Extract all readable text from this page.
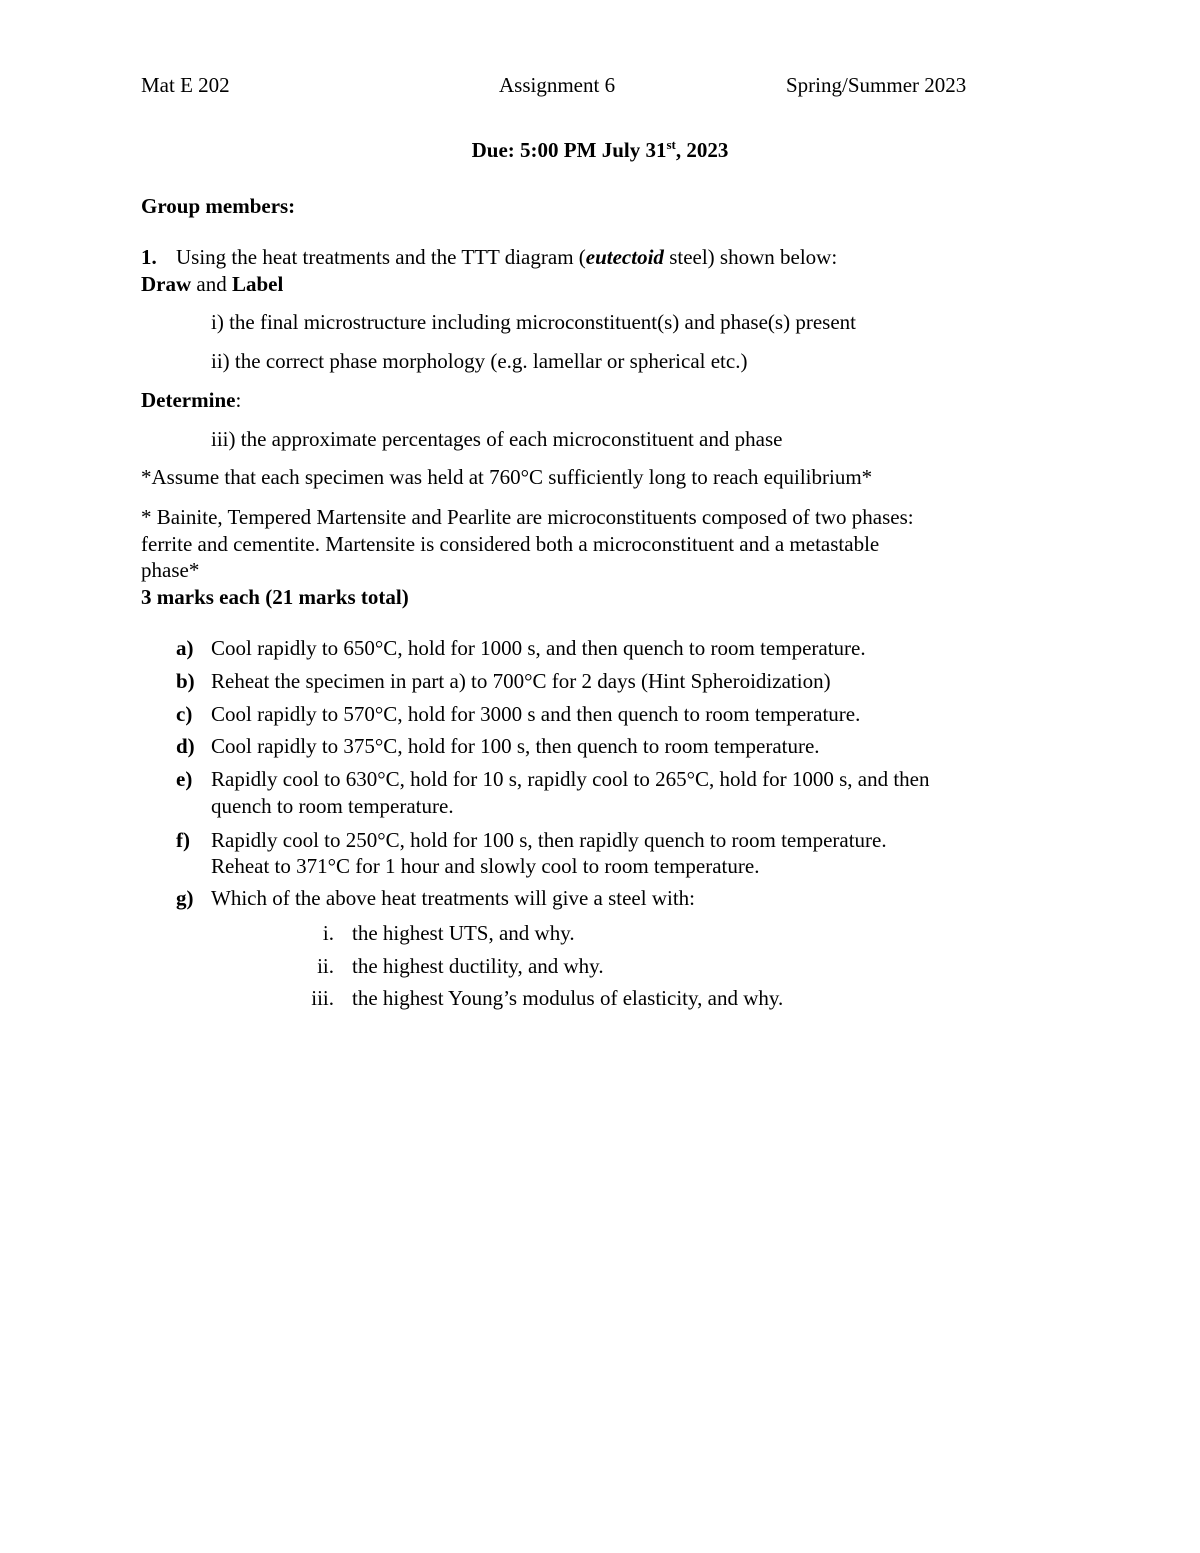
Mat E 202	Assignment 6	Spring/Summer 2023
Due: 5:00 PM July 31st, 2023
Group members:
1. Using the heat treatments and the TTT diagram (eutectoid steel) shown below:
Draw and Label
i) the final microstructure including microconstituent(s) and phase(s) present
ii) the correct phase morphology (e.g. lamellar or spherical etc.)
Determine:
iii) the approximate percentages of each microconstituent and phase
*Assume that each specimen was held at 760°C sufficiently long to reach equilibrium*
* Bainite, Tempered Martensite and Pearlite are microconstituents composed of two phases:
ferrite and cementite. Martensite is considered both a microconstituent and a metastable
phase*
3 marks each (21 marks total)
a) Cool rapidly to 650°C, hold for 1000 s, and then quench to room temperature.
b) Reheat the specimen in part a) to 700°C for 2 days (Hint Spheroidization)
c) Cool rapidly to 570°C, hold for 3000 s and then quench to room temperature.
d) Cool rapidly to 375°C, hold for 100 s, then quench to room temperature.
e) Rapidly cool to 630°C, hold for 10 s, rapidly cool to 265°C, hold for 1000 s, and then
quench to room temperature.
f) Rapidly cool to 250°C, hold for 100 s, then rapidly quench to room temperature.
Reheat to 371°C for 1 hour and slowly cool to room temperature.
g) Which of the above heat treatments will give a steel with:
i. the highest UTS, and why.
ii. the highest ductility, and why.
iii. the highest Young’s modulus of elasticity, and why.
